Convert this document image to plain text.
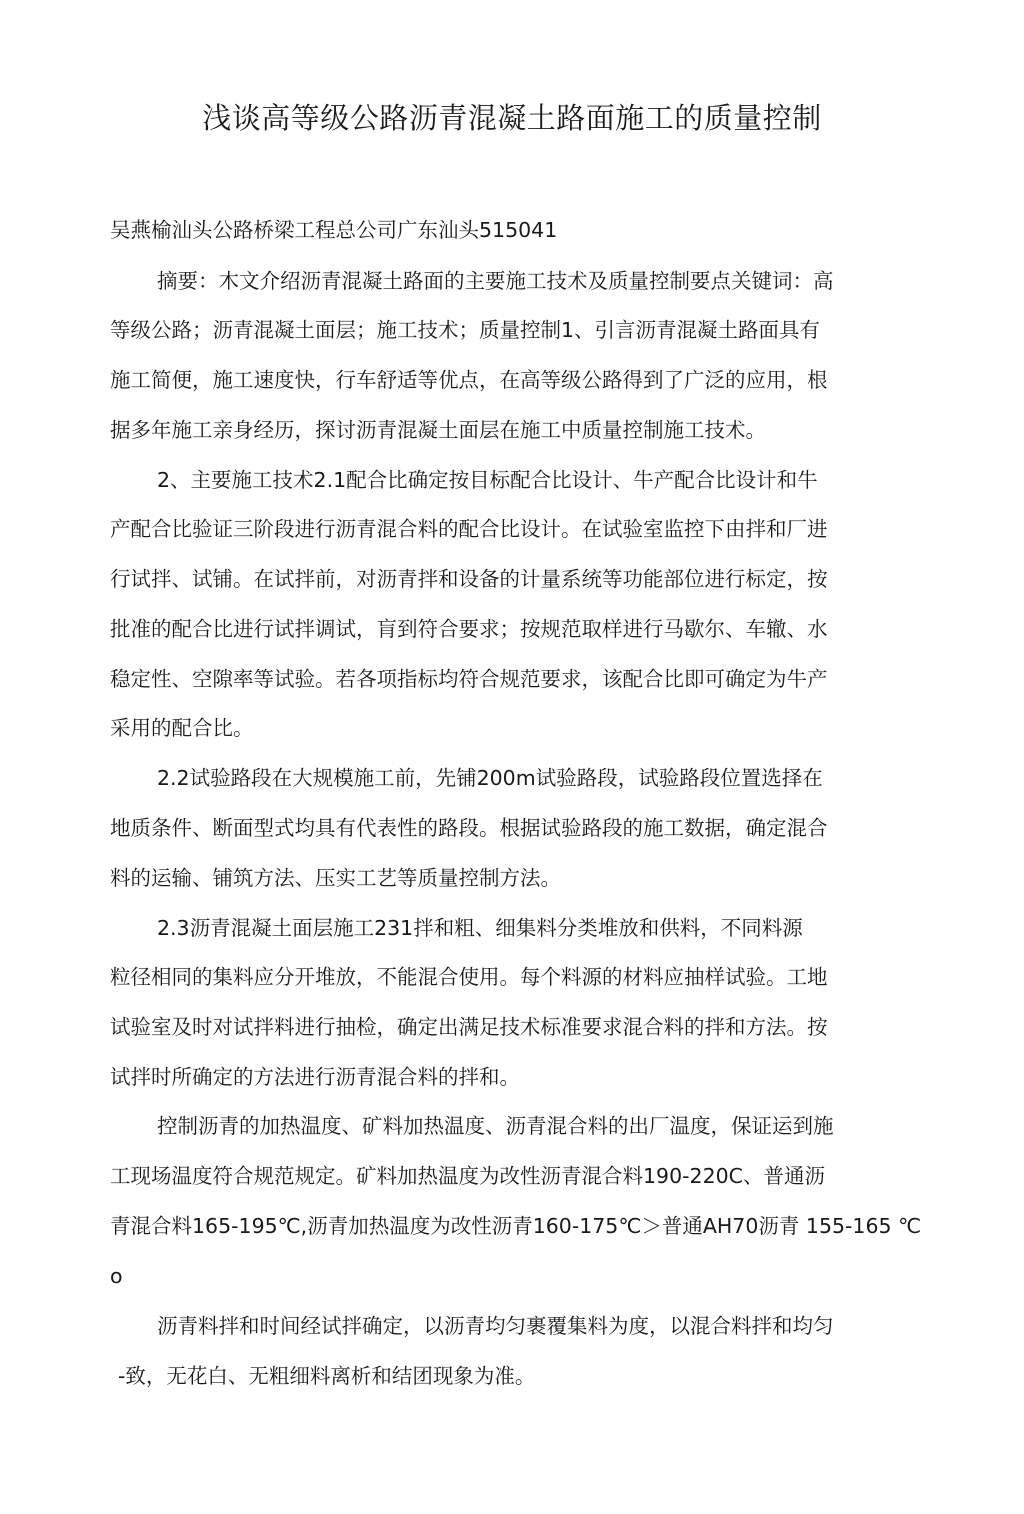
浅谈高等级公路沥青混凝土路面施工的质量控制

吴燕榆汕头公路桥梁工程总公司广东汕头515041

摘要：木文介绍沥青混凝土路面的主要施工技术及质量控制要点关键词：高

等级公路；沥青混凝土面层；施工技术；质量控制1、引言沥青混凝土路面具有

施工简便，施工速度快，行车舒适等优点，在高等级公路得到了广泛的应用，根

据多年施工亲身经历，探讨沥青混凝土面层在施工中质量控制施工技术。

2、主要施工技术2.1配合比确定按目标配合比设计、牛产配合比设计和牛

产配合比验证三阶段进行沥青混合料的配合比设计。在试验室监控下由拌和厂进

行试拌、试铺。在试拌前，对沥青拌和设备的计量系统等功能部位进行标定，按

批准的配合比进行试拌调试，肓到符合要求；按规范取样进行马歇尔、车辙、水

稳定性、空隙率等试验。若各项指标均符合规范要求，该配合比即可确定为牛产

采用的配合比。

2.2试验路段在大规模施工前，先铺200m试验路段，试验路段位置选择在

地质条件、断面型式均具有代表性的路段。根据试验路段的施工数据，确定混合

料的运输、铺筑方法、压实工艺等质量控制方法。

2.3沥青混凝土面层施工231拌和粗、细集料分类堆放和供料，不同料源

粒径相同的集料应分开堆放，不能混合使用。每个料源的材料应抽样试验。工地

试验室及时对试拌料进行抽检，确定出满足技术标准要求混合料的拌和方法。按

试拌时所确定的方法进行沥青混合料的拌和。

控制沥青的加热温度、矿料加热温度、沥青混合料的出厂温度，保证运到施

工现场温度符合规范规定。矿料加热温度为改性沥青混合料190-220C、普通沥

青混合料165-195℃,沥青加热温度为改性沥青160-175℃＞普通AH70沥青 155-165 ℃

o

沥青料拌和时间经试拌确定，以沥青均匀裹覆集料为度，以混合料拌和均匀

-致，无花白、无粗细料离析和结团现象为准。
